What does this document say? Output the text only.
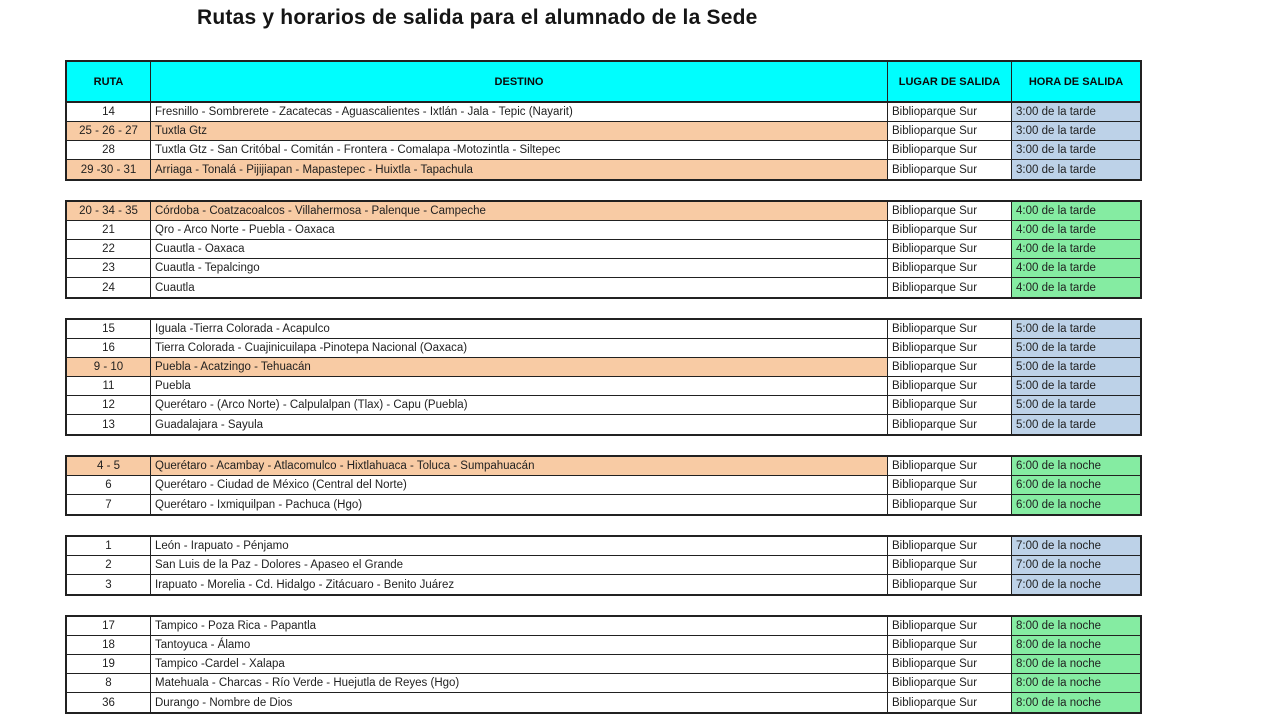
Rutas y horarios de salida para el alumnado de la Sede
RUTA	DESTINO	LUGAR DE SALIDA	HORA DE SALIDA
14	Fresnillo - Sombrerete - Zacatecas - Aguascalientes - Ixtlán - Jala - Tepic (Nayarit)	Biblioparque Sur	3:00 de la tarde
25 - 26 - 27	Tuxtla Gtz	Biblioparque Sur	3:00 de la tarde
28	Tuxtla Gtz - San Critóbal - Comitán - Frontera - Comalapa -Motozintla - Siltepec	Biblioparque Sur	3:00 de la tarde
29 -30 - 31	Arriaga - Tonalá - Pijijiapan - Mapastepec - Huixtla - Tapachula	Biblioparque Sur	3:00 de la tarde
20 - 34 - 35	Córdoba - Coatzacoalcos - Villahermosa - Palenque - Campeche	Biblioparque Sur	4:00 de la tarde
21	Qro - Arco Norte - Puebla - Oaxaca	Biblioparque Sur	4:00 de la tarde
22	Cuautla - Oaxaca	Biblioparque Sur	4:00 de la tarde
23	Cuautla - Tepalcingo	Biblioparque Sur	4:00 de la tarde
24	Cuautla	Biblioparque Sur	4:00 de la tarde
15	Iguala -Tierra Colorada - Acapulco	Biblioparque Sur	5:00 de la tarde
16	Tierra Colorada - Cuajinicuilapa -Pinotepa Nacional (Oaxaca)	Biblioparque Sur	5:00 de la tarde
9 - 10	Puebla - Acatzingo - Tehuacán	Biblioparque Sur	5:00 de la tarde
11	Puebla	Biblioparque Sur	5:00 de la tarde
12	Querétaro - (Arco Norte) - Calpulalpan (Tlax) - Capu (Puebla)	Biblioparque Sur	5:00 de la tarde
13	Guadalajara - Sayula	Biblioparque Sur	5:00 de la tarde
4 - 5	Querétaro - Acambay - Atlacomulco - Hixtlahuaca - Toluca - Sumpahuacán	Biblioparque Sur	6:00 de la noche
6	Querétaro - Ciudad de México (Central del Norte)	Biblioparque Sur	6:00 de la noche
7	Querétaro - Ixmiquilpan - Pachuca (Hgo)	Biblioparque Sur	6:00 de la noche
1	León - Irapuato - Pénjamo	Biblioparque Sur	7:00 de la noche
2	San Luis de la Paz - Dolores - Apaseo el Grande	Biblioparque Sur	7:00 de la noche
3	Irapuato - Morelia - Cd. Hidalgo - Zitácuaro - Benito Juárez	Biblioparque Sur	7:00 de la noche
17	Tampico - Poza Rica - Papantla	Biblioparque Sur	8:00 de la noche
18	Tantoyuca - Álamo	Biblioparque Sur	8:00 de la noche
19	Tampico -Cardel - Xalapa	Biblioparque Sur	8:00 de la noche
8	Matehuala - Charcas - Río Verde - Huejutla de Reyes (Hgo)	Biblioparque Sur	8:00 de la noche
36	Durango - Nombre de Dios	Biblioparque Sur	8:00 de la noche
